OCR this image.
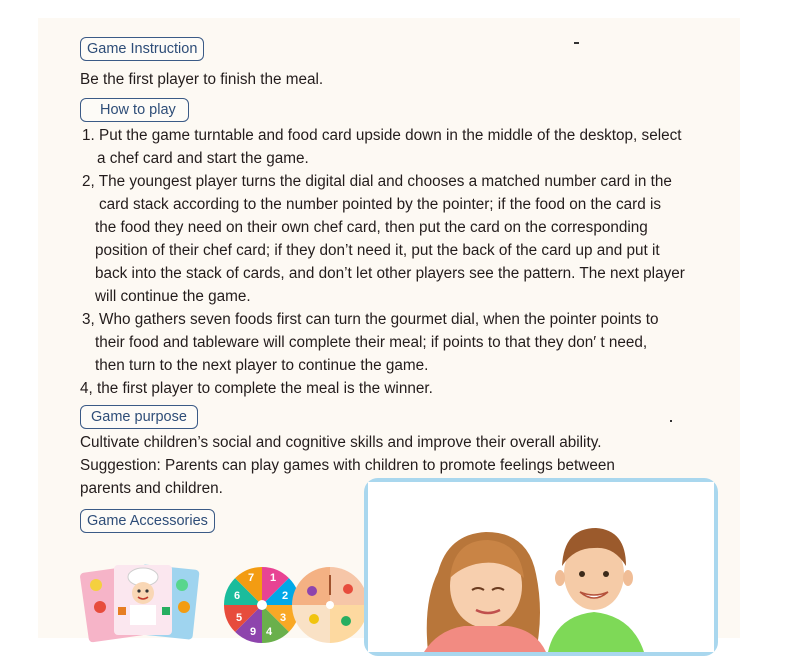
Game Instruction
Be the first player to finish the meal.
How to play
1. Put the game turntable and food card upside down in the middle of the desktop, select
a chef card and start the game.
2, The youngest player turns the digital dial and chooses a matched number card in the
card stack according to the number pointed by the pointer; if the food on the card is
the food they need on their own chef card, then put the card on the corresponding
position of their chef card; if they don’t need it, put the back of the card up and put it
back into the stack of cards, and don’t let other players see the pattern. The next player
will continue the game.
3, Who gathers seven foods first can turn the gourmet dial, when the pointer points to
their food and tableware will complete their meal; if points to that they don′ t need,
then turn to the next player to continue the game.
4, the first player to complete the meal is the winner.
Game purpose
Cultivate children’s social and cognitive skills and improve their overall ability.
Suggestion: Parents can play games with children to promote feelings between
parents and children.
Game Accessories
1
7
2
6
3
5
4
9
